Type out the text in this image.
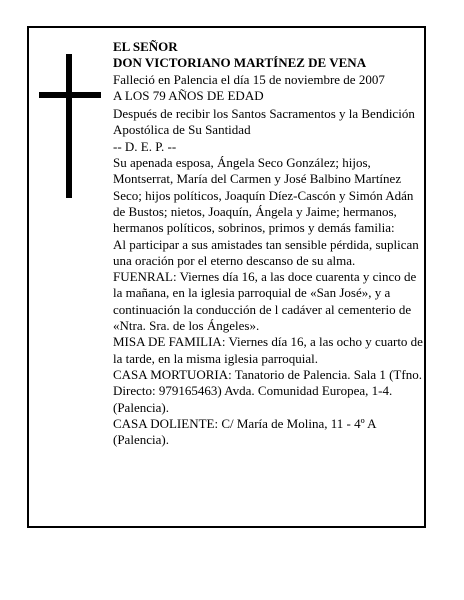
EL SEÑOR

DON VICTORIANO MARTÍNEZ DE VENA

Falleció en Palencia el día 15 de noviembre de 2007

A LOS 79 AÑOS DE EDAD

Después de recibir los Santos Sacramentos y la Bendición Apostólica de Su Santidad

-- D. E. P. --

Su apenada esposa, Ángela Seco González; hijos, Montserrat, María del Carmen y José Balbino Martínez Seco; hijos políticos, Joaquín Díez-Cascón y Simón Adán de Bustos; nietos, Joaquín, Ángela y Jaime; hermanos, hermanos políticos, sobrinos, primos y demás familia:

Al participar a sus amistades tan sensible pérdida, suplican una oración por el eterno descanso de su alma.

FUENRAL: Viernes día 16, a las doce cuarenta y cinco de la mañana, en la iglesia parroquial de «San José», y a continuación la conducción de l cadáver al cementerio de «Ntra. Sra. de los Ángeles».

MISA DE FAMILIA: Viernes día 16, a las ocho y cuarto de la tarde, en la misma iglesia parroquial.

CASA MORTUORIA: Tanatorio de Palencia. Sala 1 (Tfno. Directo: 979165463) Avda. Comunidad Europea, 1-4. (Palencia).

CASA DOLIENTE: C/ María de Molina, 11 - 4º A (Palencia).
